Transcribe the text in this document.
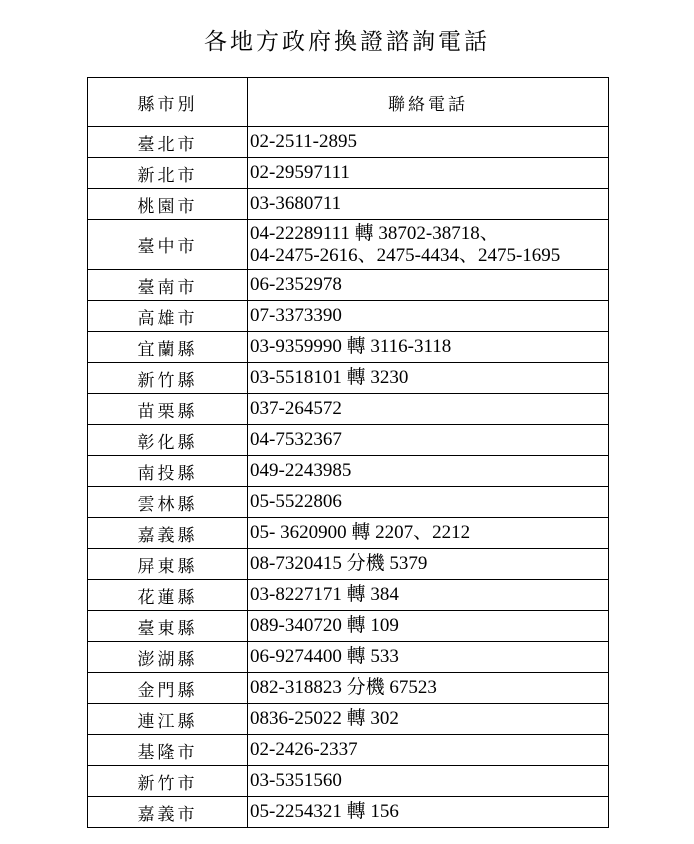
各地方政府換證諮詢電話
縣市別	聯絡電話
臺北市	02-2511-2895

新北市	02-29597111

桃園市	03-3680711

臺中市	04-22289111 轉 38702-38718、
04-2475-2616、2475-4434、2475-1695

臺南市	06-2352978

高雄市	07-3373390

宜蘭縣	03-9359990 轉 3116-3118

新竹縣	03-5518101 轉 3230

苗栗縣	037-264572

彰化縣	04-7532367

南投縣	049-2243985

雲林縣	05-5522806

嘉義縣	05- 3620900 轉 2207、2212

屏東縣	08-7320415 分機 5379

花蓮縣	03-8227171 轉 384

臺東縣	089-340720 轉 109

澎湖縣	06-9274400 轉 533

金門縣	082-318823 分機 67523

連江縣	0836-25022 轉 302

基隆市	02-2426-2337

新竹市	03-5351560

嘉義市	05-2254321 轉 156
